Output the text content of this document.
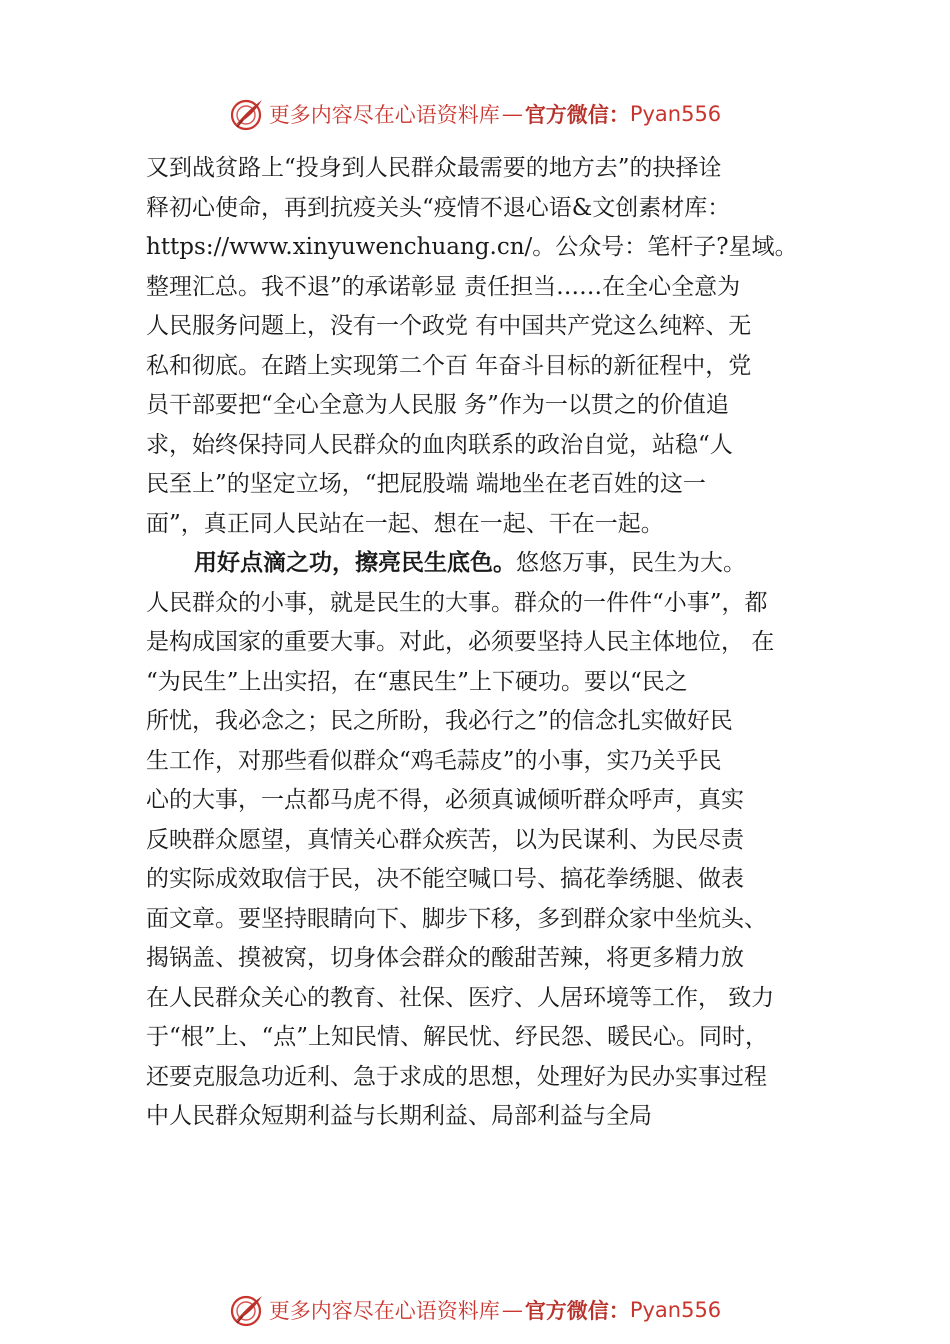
更多内容尽在心语资料库 — 官方微信： Pyan556
又到战贫路上“投身到人民群众最需要的地方去”的抉择诠
释初心使命，再到抗疫关头“疫情不退心语&文创素材库：
https://www.xinyuwenchuang.cn/。公众号：笔杆子?星域。
整理汇总。我不退”的承诺彰显 责任担当……在全心全意为
人民服务问题上，没有一个政党 有中国共产党这么纯粹、无
私和彻底。在踏上实现第二个百 年奋斗目标的新征程中，党
员干部要把“全心全意为人民服 务”作为一以贯之的价值追
求，始终保持同人民群众的血肉联系的政治自觉，站稳“人
民至上”的坚定立场，“把屁股端 端地坐在老百姓的这一
面”，真正同人民站在一起、想在一起、干在一起。
用好点滴之功，擦亮民生底色。悠悠万事，民生为大。
人民群众的小事，就是民生的大事。群众的一件件“小事”，都
是构成国家的重要大事。对此，必须要坚持人民主体地位， 在
“为民生”上出实招，在“惠民生”上下硬功。要以“民之
所忧，我必念之；民之所盼，我必行之”的信念扎实做好民
生工作，对那些看似群众“鸡毛蒜皮”的小事，实乃关乎民
心的大事，一点都马虎不得，必须真诚倾听群众呼声，真实
反映群众愿望，真情关心群众疾苦，以为民谋利、为民尽责
的实际成效取信于民，决不能空喊口号、搞花拳绣腿、做表
面文章。要坚持眼睛向下、脚步下移，多到群众家中坐炕头、
揭锅盖、摸被窝，切身体会群众的酸甜苦辣，将更多精力放
在人民群众关心的教育、社保、医疗、人居环境等工作， 致力
于“根”上、“点”上知民情、解民忧、纾民怨、暖民心。同时，
还要克服急功近利、急于求成的思想，处理好为民办实事过程
中人民群众短期利益与长期利益、局部利益与全局
更多内容尽在心语资料库 — 官方微信： Pyan556
